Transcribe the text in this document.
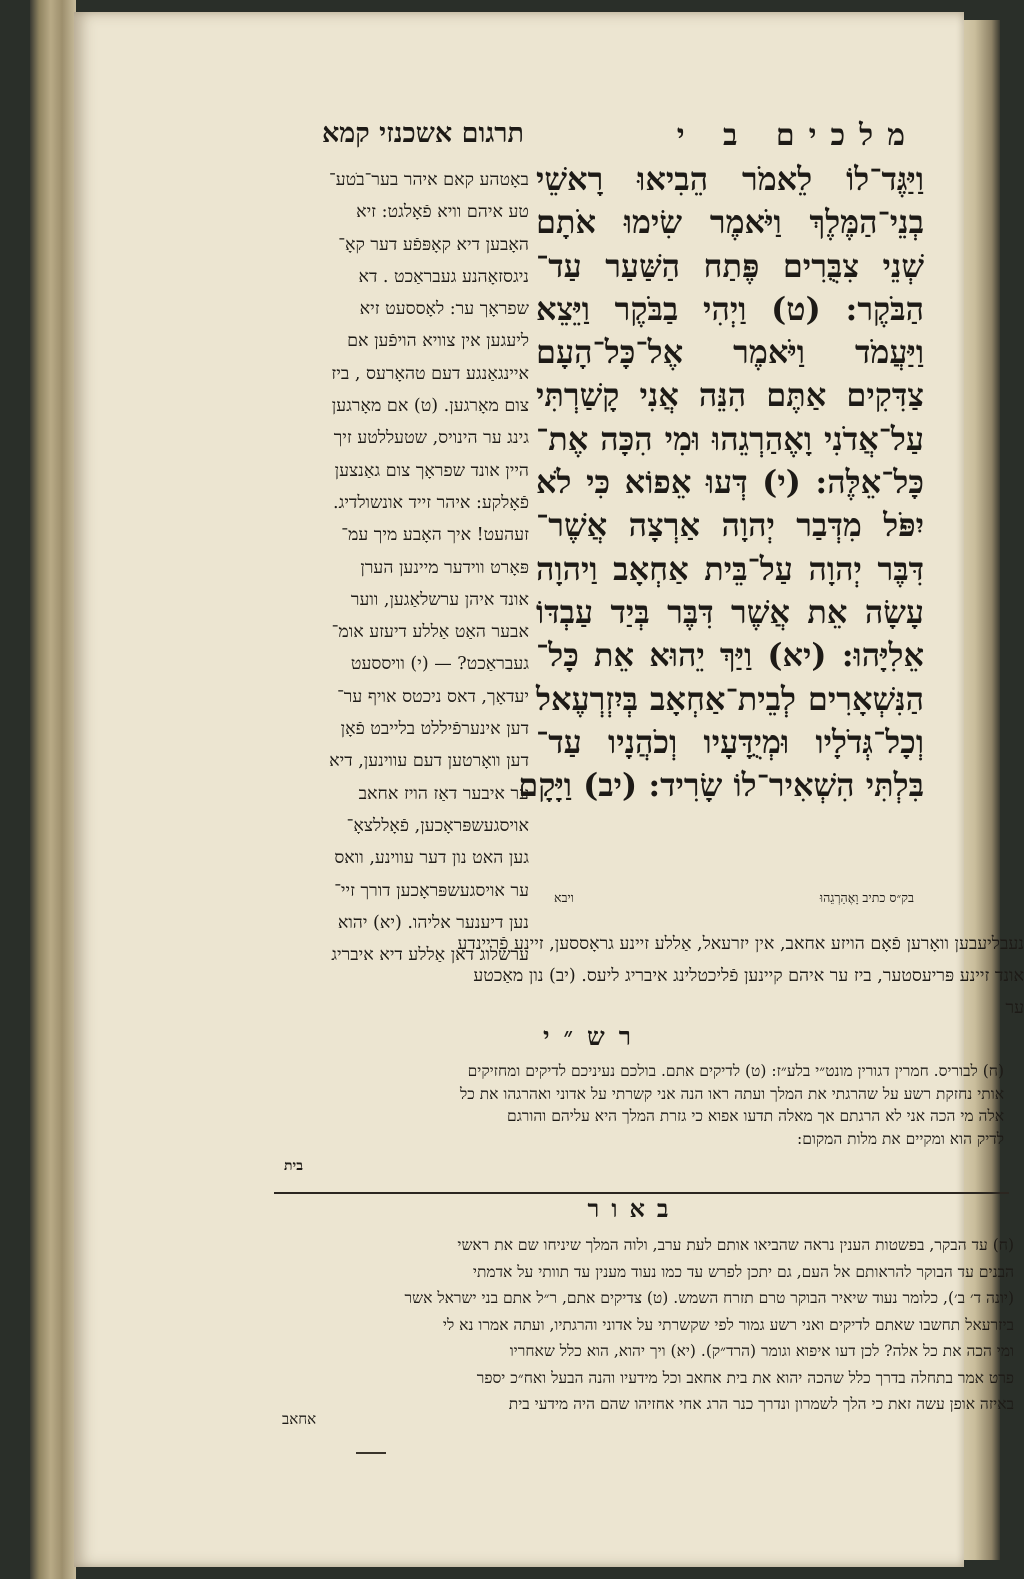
תרגום אשכנזי קמא	מלכים ב י
באָטהע קאם איהר בער־בׂטע־
טע איהם וויא פֿאָלגט: זיא
האָבען דיא קאָפּפֿע דער קאָ־
ניגסזאָהנע געבראַכט . דא
שפראָך ער: לאָססעט זיא
ליעגען אין צוויא הויפֿען אם
איינגאַנגע דעם טהאָרעס , ביז
צום מאָרגען. (ט) אם מאָרגען
גינג ער הינויס, שטעללטע זיך
היין אונד שפראָך צום גאַנצען
פֿאָלקע: איהר זייד אונשולדיג.
זעהעט! איך האָבע מיך עמ־
פּאָרט ווידער מיינען הערן
אונד איהן ערשלאַגען, ווער
אבער האַט אַללע דיעזע אומ־
געבראַכט? — (י) וויססעט
יעדאָך, דאס ניכטס אויף ער־
דען אינערפֿיללט בלייבט פֿאָן
דען וואָרטען דעם עווינען, דיא
ער איבער דאַז הויז אחאב
אויסגעשפּראָכען, פֿאָללצאָ־
גען האט נון דער עווינע, וואס
ער אויסגעשפּראָכען דורך זיי־
נען דיענער אליהו. (יא) יהוא
ערשלוג דאן אַללע דיא איבריג
וַיַּגֶּד־לוֹ לֵאמֹר הֵבִיאוּ רָאשֵׁי
בְנֵי־הַמֶּלֶךְ וַיֹּאמֶר שִׂימוּ אֹתָם
שְׁנֵי צִבֻּרִים פֶּתַח הַשַּׁעַר עַד־
הַבֹּקֶר: (ט) וַיְהִי בַבֹּקֶר וַיֵּצֵא
וַיַּעֲמֹד וַיֹּאמֶר אֶל־כָּל־הָעָם
צַדִּקִים אַתֶּם הִנֵּה אֲנִי קָשַׁרְתִּי
עַל־אֲדֹנִי וָאֶהַרְגֵהוּ וּמִי הִכָּה אֶת־
כָּל־אֵלֶּה: (י) דְּעוּ אֵפוֹא כִּי לֹא
יִפֹּל מִדְּבַר יְהוָה אַרְצָה אֲשֶׁר־
דִּבֶּר יְהוָה עַל־בֵּית אַחְאָב וַיהוָה
עָשָׂה אֵת אֲשֶׁר דִּבֶּר בְּיַד עַבְדּוֹ
אֵלִיָּהוּ: (יא) וַיַּךְ יֵהוּא אֵת כָּל־
הַנִּשְׁאָרִים לְבֵית־אַחְאָב בְּיִזְרְעֶאל
וְכָל־גְּדֹלָיו וּמְיֻדָּעָיו וְכֹהֲנָיו עַד־
בִּלְתִּי הִשְׁאִיר־לוֹ שָׂרִיד: (יב) וַיָּקָם
בק״ס כתיב וָאֶהַרְגֵהוּ
ויבא
נעבליעבען וואָרען פֿאָם הויזע אחאב, אין יזרעאל, אַללע זיינע גראָססען, זיינע פֿריינדע
אונד זיינע פּריעסטער, ביז ער איהם קיינען פֿליכטלינג איבריג ליעס. (יב) נון מאַכטע
ער
רש״י
(ח) לבוריס. חמרין דגורין מונט״י בלע״ז: (ט) לדיקים אתם. בולכם נעיניכם לדיקים ומחזיקים
אותי נחזקת רשע על שהרגתי את המלך ועתה ראו הנה אני קשרתי על אדוני ואהרגהו את כל
אלה מי הכה אני לא הרגתם אך מאלה תדעו אפוא כי גזרת המלך היא עליהם והורגם
לדיק הוא ומקיים את מלות המקום:
בית
באור
(ח) עד הבקר, בפשטות הענין נראה שהביאו אותם לעת ערב, ולוה המלך שיניחו שם את ראשי
הבנים עד הבוקר להראותם אל העם, גם יתכן לפרש עד כמו נעוד מענין עד תוותי על אדמתי
(יונה ד׳ ב׳), כלומר נעוד שיאיר הבוקר טרם תזרח השמש. (ט) צדיקים אתם, ר״ל אתם בני ישראל אשר
ביזרעאל תחשבו שאתם לדיקים ואני רשע גמור לפי שקשרתי על אדוני והרגתיו, ועתה אמרו נא לי
ומי הכה את כל אלה? לכן דעו איפוא וגומר (הרד״ק). (יא) ויך יהוא, הוא כלל שאחריו
פרט אמר בתחלה בדרך כלל שהכה יהוא את בית אחאב וכל מידעיו והנה הבעל ואח״כ יספר
באיזה אופן עשה זאת כי הלך לשמרון ונדרך כנר הרג אחי אחזיהו שהם היה מידעי בית
אחאב
